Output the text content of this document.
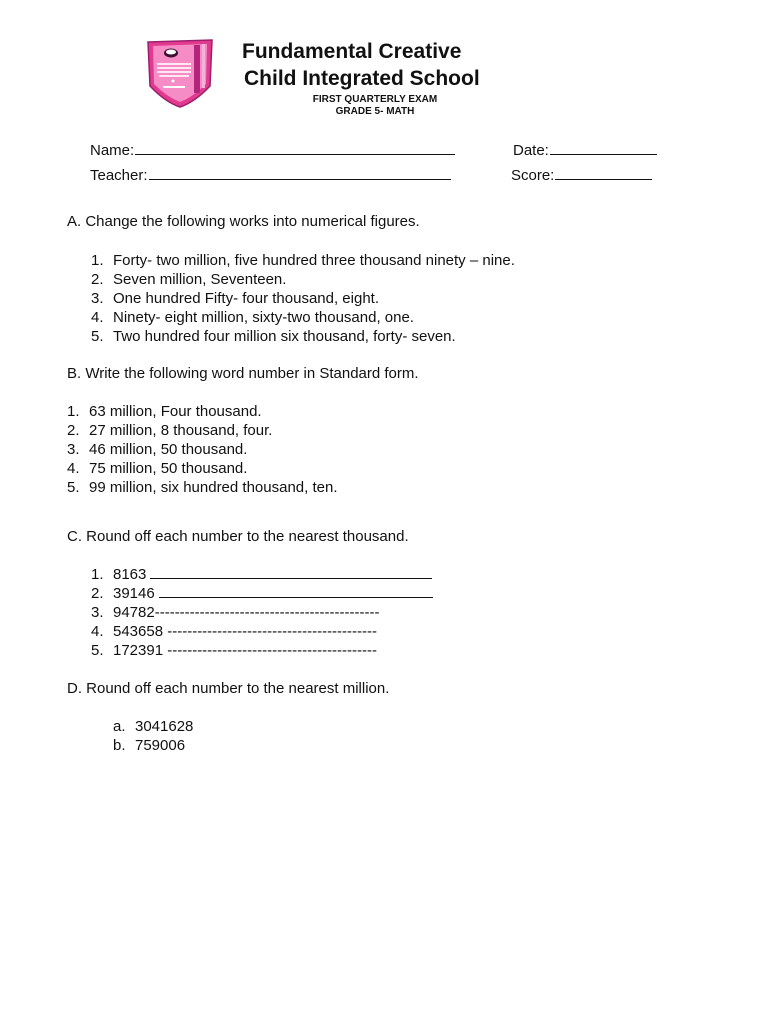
Fundamental Creative
Child Integrated School
FIRST QUARTERLY EXAM
GRADE 5- MATH
Name:	Date:
Teacher:	Score:
A. Change the following works into numerical figures.
1. Forty- two million, five hundred three thousand ninety – nine.
2. Seven million, Seventeen.
3. One hundred Fifty- four thousand, eight.
4. Ninety- eight million, sixty-two thousand, one.
5. Two hundred four million six thousand, forty- seven.
B. Write the following word number in Standard form.
1. 63 million, Four thousand.
2. 27 million, 8 thousand, four.
3. 46 million, 50 thousand.
4. 75 million, 50 thousand.
5. 99 million, six hundred thousand, ten.
C. Round off each number to the nearest thousand.
1. 8163
2. 39146
3. 94782---------------------------------------------
4. 543658 ------------------------------------------
5. 172391 ------------------------------------------
D. Round off each number to the nearest million.
a. 3041628
b. 759006
